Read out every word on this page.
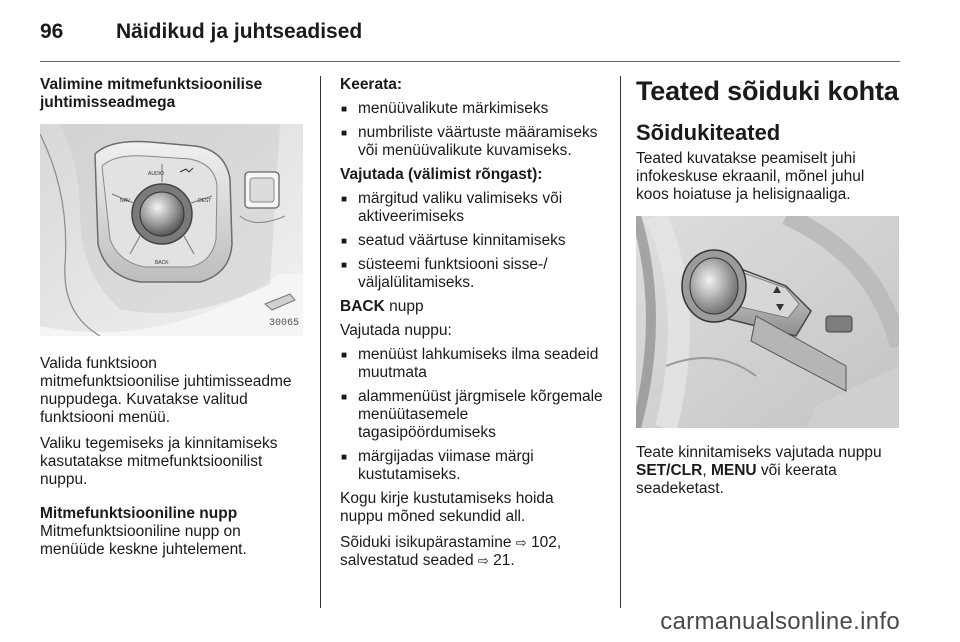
96	Näidikud ja juhtseadised
Valimine mitmefunktsioonilise
juhtimisseadmega
AUDIO
NAV	DEST
BACK
30065

Valida funktsioon
mitmefunktsioonilise juhtimisseadme
nuppudega. Kuvatakse valitud
funktsiooni menüü.

Valiku tegemiseks ja kinnitamiseks
kasutatakse mitmefunktsioonilist
nuppu.

Mitmefunktsiooniline nupp

Mitmefunktsiooniline nupp on
menüüde keskne juhtelement.

Keerata:
■ menüüvalikute märkimiseks
■ numbriliste väärtuste määramiseks või menüüvalikute kuvamiseks.
Vajutada (välimist rõngast):
■ märgitud valiku valimiseks või aktiveerimiseks
■ seatud väärtuse kinnitamiseks
■ süsteemi funktsiooni sisse-/ väljalülitamiseks.

BACK nupp

Vajutada nuppu:

■ menüüst lahkumiseks ilma seadeid muutmata
■ alammenüüst järgmisele kõrgemale menüütasemele tagasipöördumiseks
■ märgijadas viimase märgi kustutamiseks.

Kogu kirje kustutamiseks hoida
nuppu mõned sekundid all.

Sõiduki isikupärastamine ⇨ 102,
salvestatud seaded ⇨ 21.

Teated sõiduki kohta
Sõidukiteated

Teated kuvatakse peamiselt juhi
infokeskuse ekraanil, mõnel juhul
koos hoiatuse ja helisignaaliga.

Teate kinnitamiseks vajutada nuppu
SET/CLR, MENU või keerata
seadeketast.

carmanualsonline.info
